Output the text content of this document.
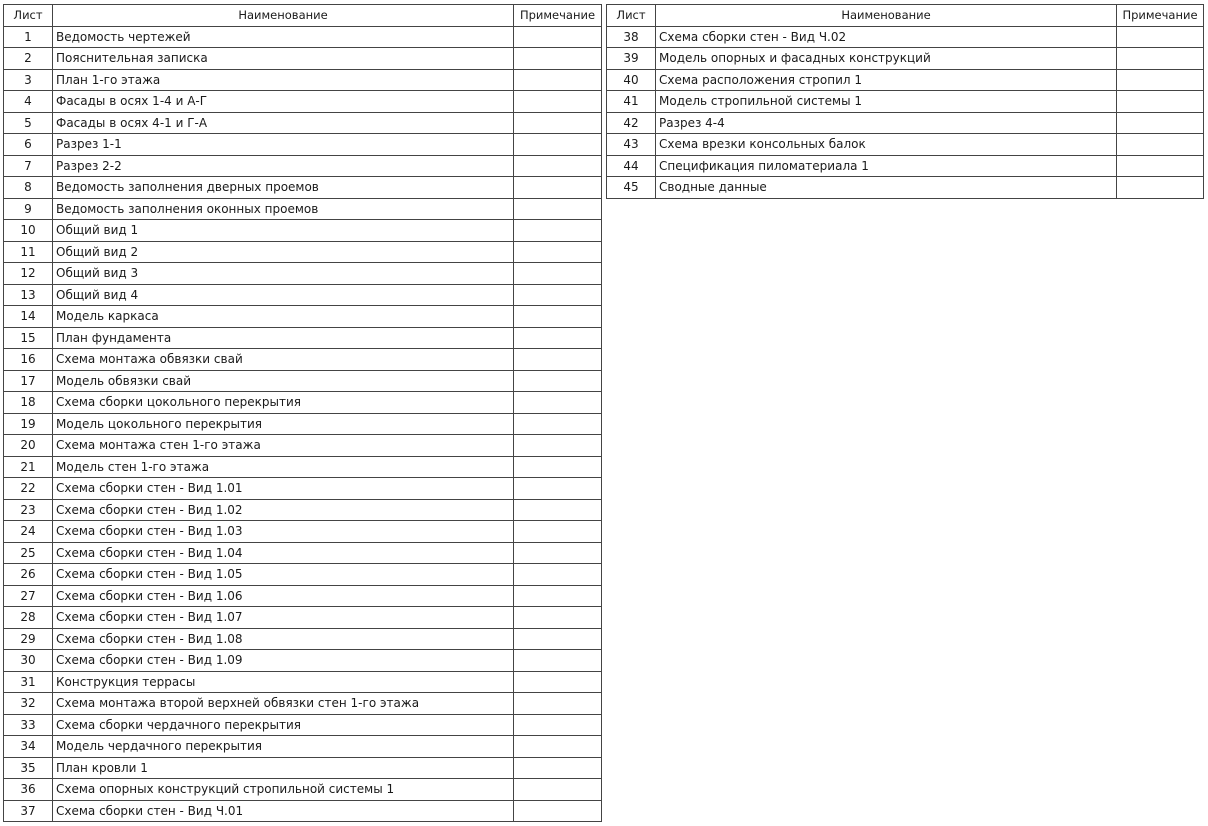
Лист	Наименование	Примечание
1	Ведомость чертежей	
2	Пояснительная записка	
3	План 1-го этажа	
4	Фасады в осях 1-4 и А-Г	
5	Фасады в осях 4-1 и Г-А	
6	Разрез 1-1	
7	Разрез 2-2	
8	Ведомость заполнения дверных проемов	
9	Ведомость заполнения оконных проемов	
10	Общий вид 1	
11	Общий вид 2	
12	Общий вид 3	
13	Общий вид 4	
14	Модель каркаса	
15	План фундамента	
16	Схема монтажа обвязки свай	
17	Модель обвязки свай	
18	Схема сборки цокольного перекрытия	
19	Модель цокольного перекрытия	
20	Схема монтажа стен 1-го этажа	
21	Модель стен 1-го этажа	
22	Схема сборки стен - Вид 1.01	
23	Схема сборки стен - Вид 1.02	
24	Схема сборки стен - Вид 1.03	
25	Схема сборки стен - Вид 1.04	
26	Схема сборки стен - Вид 1.05	
27	Схема сборки стен - Вид 1.06	
28	Схема сборки стен - Вид 1.07	
29	Схема сборки стен - Вид 1.08	
30	Схема сборки стен - Вид 1.09	
31	Конструкция террасы	
32	Схема монтажа второй верхней обвязки стен 1-го этажа	
33	Схема сборки чердачного перекрытия	
34	Модель чердачного перекрытия	
35	План кровли 1	
36	Схема опорных конструкций стропильной системы 1	
37	Схема сборки стен - Вид Ч.01	
Лист	Наименование	Примечание
38	Схема сборки стен - Вид Ч.02	
39	Модель опорных и фасадных конструкций	
40	Схема расположения стропил 1	
41	Модель стропильной системы 1	
42	Разрез 4-4	
43	Схема врезки консольных балок	
44	Спецификация пиломатериала 1	
45	Сводные данные	
